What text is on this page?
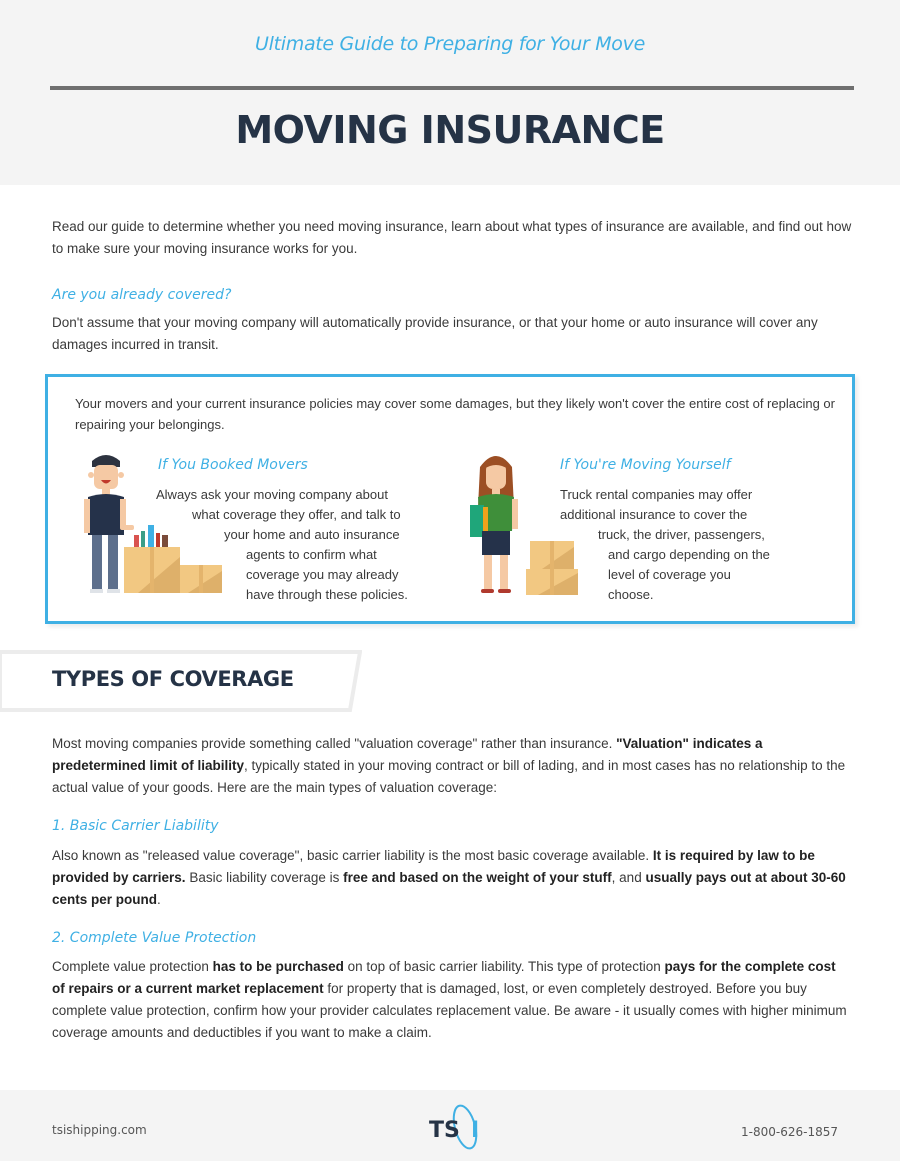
Ultimate Guide to Preparing for Your Move
MOVING INSURANCE
Read our guide to determine whether you need moving insurance, learn about what types of insurance are available, and find out how to make sure your moving insurance works for you.
Are you already covered?
Don't assume that your moving company will automatically provide insurance, or that your home or auto insurance will cover any damages incurred in transit.
Your movers and your current insurance policies may cover some damages, but they likely won't cover the entire cost of replacing or repairing your belongings.
If You Booked Movers
Always ask your moving company about
what coverage they offer, and talk to
your home and auto insurance
agents to confirm what
coverage you may already
have through these policies.
If You're Moving Yourself
Truck rental companies may offer
additional insurance to cover the
truck, the driver, passengers,
and cargo depending on the
level of coverage you
choose.
TYPES OF COVERAGE
Most moving companies provide something called "valuation coverage" rather than insurance. "Valuation" indicates a predetermined limit of liability, typically stated in your moving contract or bill of lading, and in most cases has no relationship to the actual value of your goods. Here are the main types of valuation coverage:
1. Basic Carrier Liability
Also known as "released value coverage", basic carrier liability is the most basic coverage available. It is required by law to be provided by carriers. Basic liability coverage is free and based on the weight of your stuff, and usually pays out at about 30-60 cents per pound.
2. Complete Value Protection
Complete value protection has to be purchased on top of basic carrier liability. This type of protection pays for the complete cost of repairs or a current market replacement for property that is damaged, lost, or even completely destroyed. Before you buy complete value protection, confirm how your provider calculates replacement value. Be aware - it usually comes with higher minimum coverage amounts and deductibles if you want to make a claim.
tsishipping.com	1-800-626-1857
TS I
